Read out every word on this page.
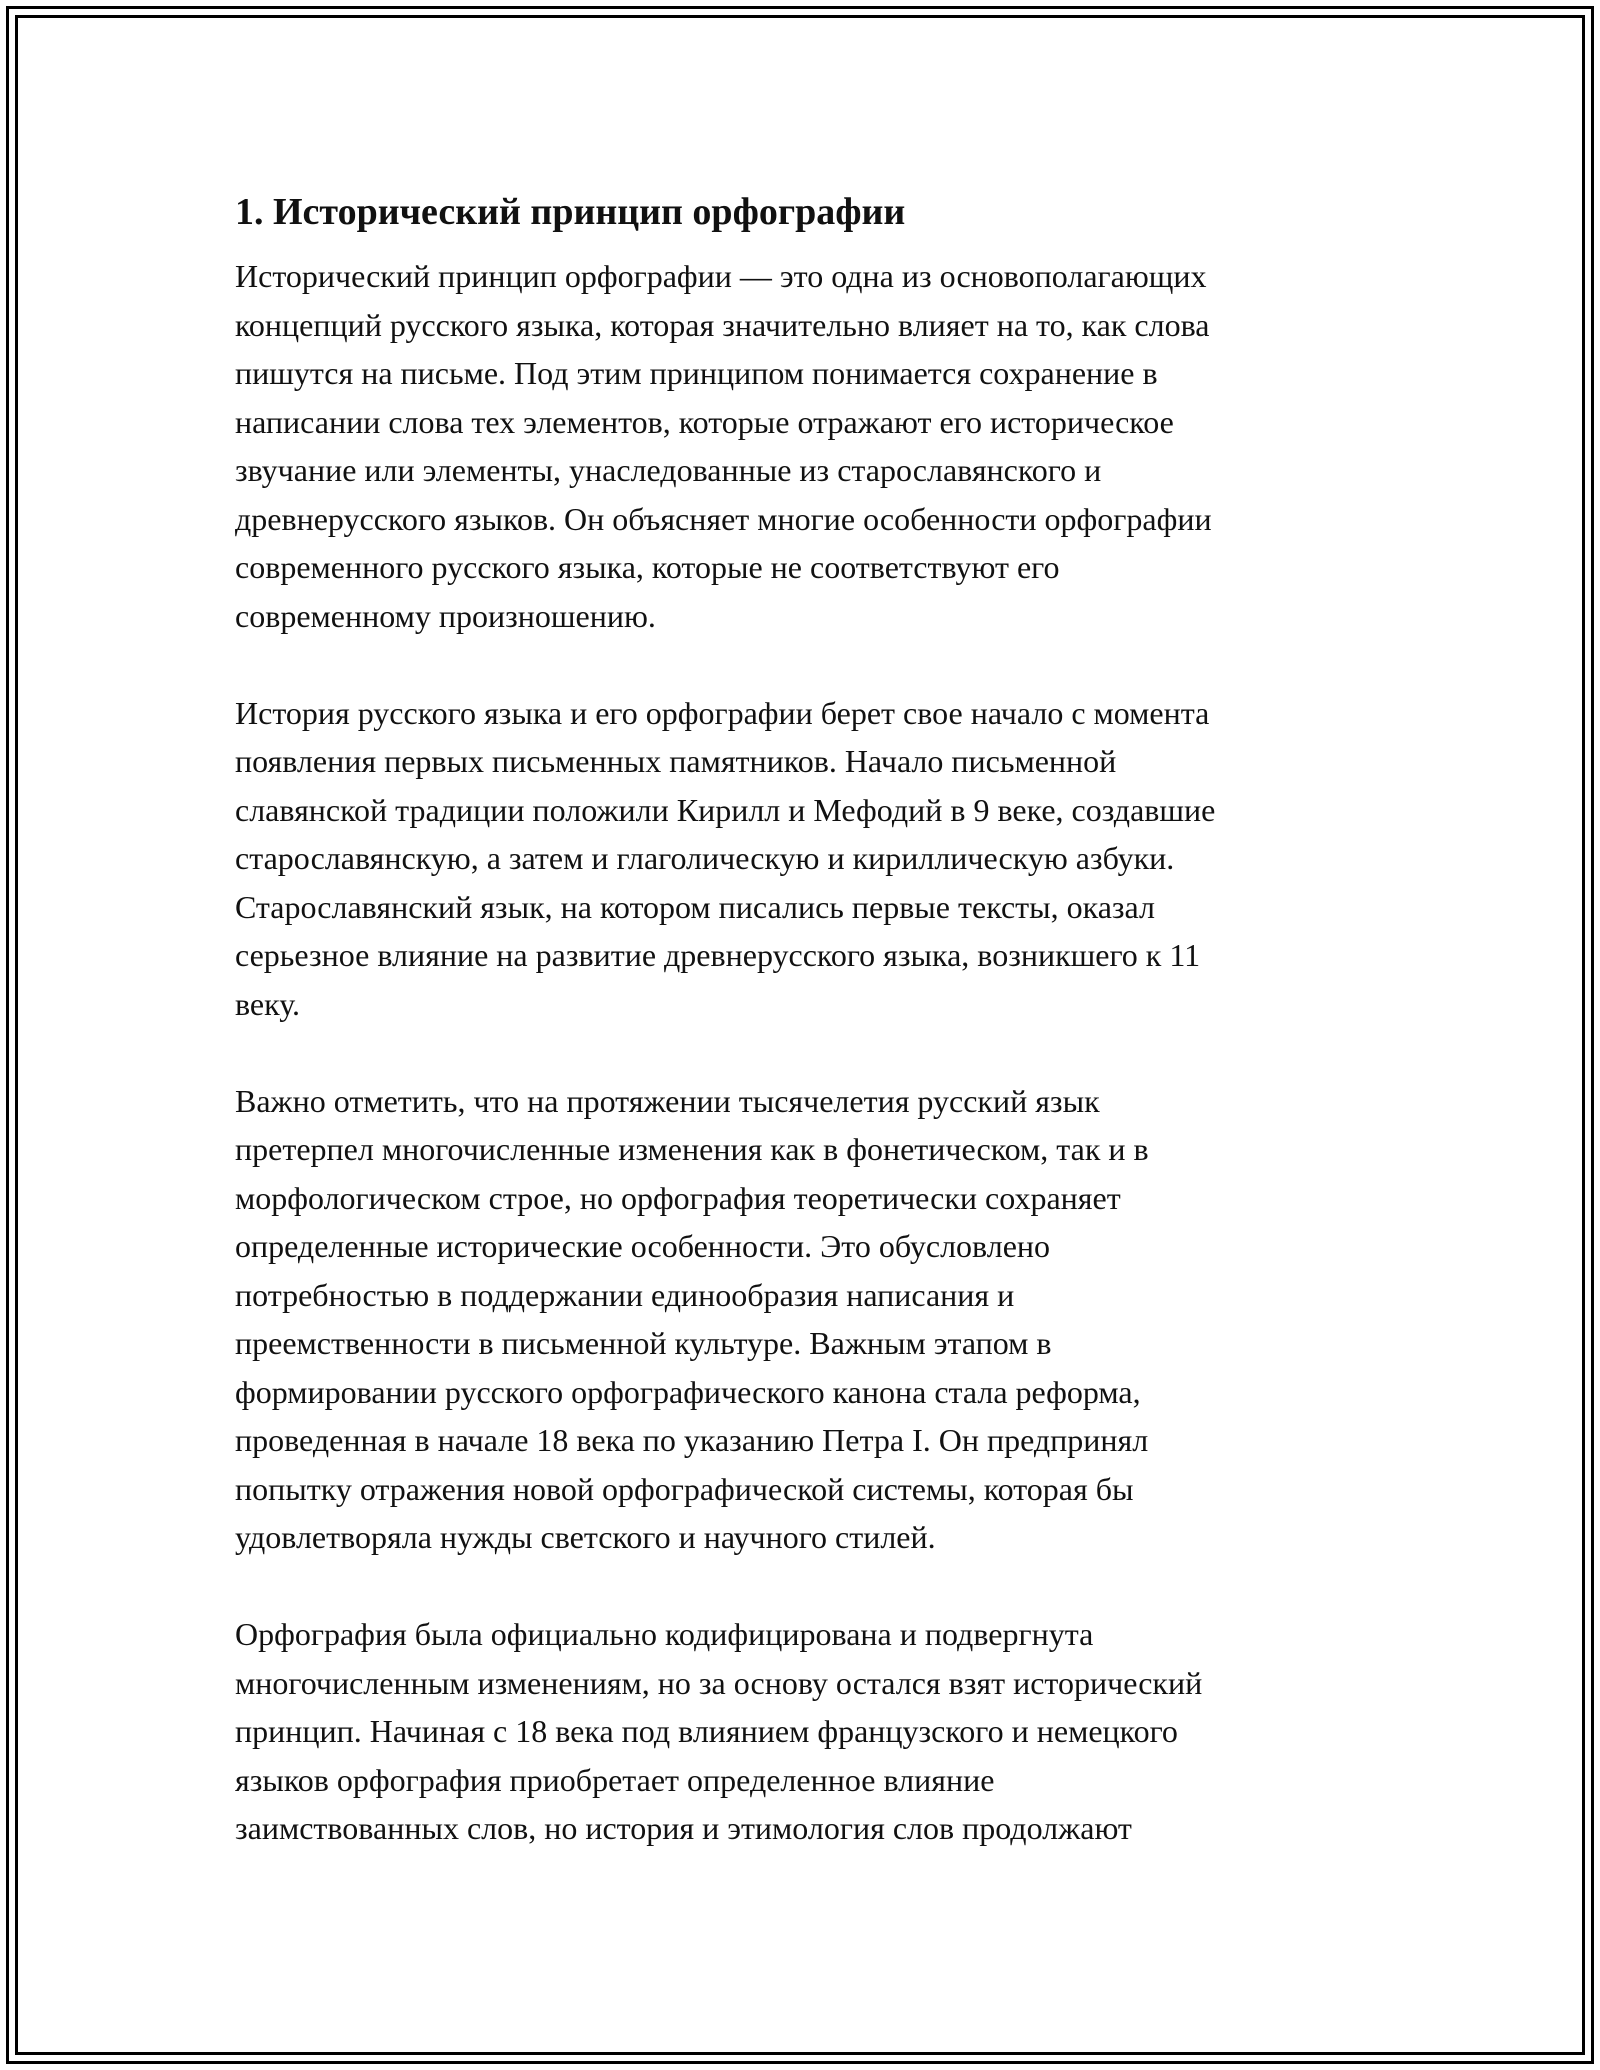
1. Исторический принцип орфографии

Исторический принцип орфографии — это одна из основополагающих
концепций русского языка, которая значительно влияет на то, как слова
пишутся на письме. Под этим принципом понимается сохранение в
написании слова тех элементов, которые отражают его историческое
звучание или элементы, унаследованные из старославянского и
древнерусского языков. Он объясняет многие особенности орфографии
современного русского языка, которые не соответствуют его
современному произношению.

История русского языка и его орфографии берет свое начало с момента
появления первых письменных памятников. Начало письменной
славянской традиции положили Кирилл и Мефодий в 9 веке, создавшие
старославянскую, а затем и глаголическую и кириллическую азбуки.
Старославянский язык, на котором писались первые тексты, оказал
серьезное влияние на развитие древнерусского языка, возникшего к 11
веку.

Важно отметить, что на протяжении тысячелетия русский язык
претерпел многочисленные изменения как в фонетическом, так и в
морфологическом строе, но орфография теоретически сохраняет
определенные исторические особенности. Это обусловлено
потребностью в поддержании единообразия написания и
преемственности в письменной культуре. Важным этапом в
формировании русского орфографического канона стала реформа,
проведенная в начале 18 века по указанию Петра I. Он предпринял
попытку отражения новой орфографической системы, которая бы
удовлетворяла нужды светского и научного стилей.

Орфография была официально кодифицирована и подвергнута
многочисленным изменениям, но за основу остался взят исторический
принцип. Начиная с 18 века под влиянием французского и немецкого
языков орфография приобретает определенное влияние
заимствованных слов, но история и этимология слов продолжают
